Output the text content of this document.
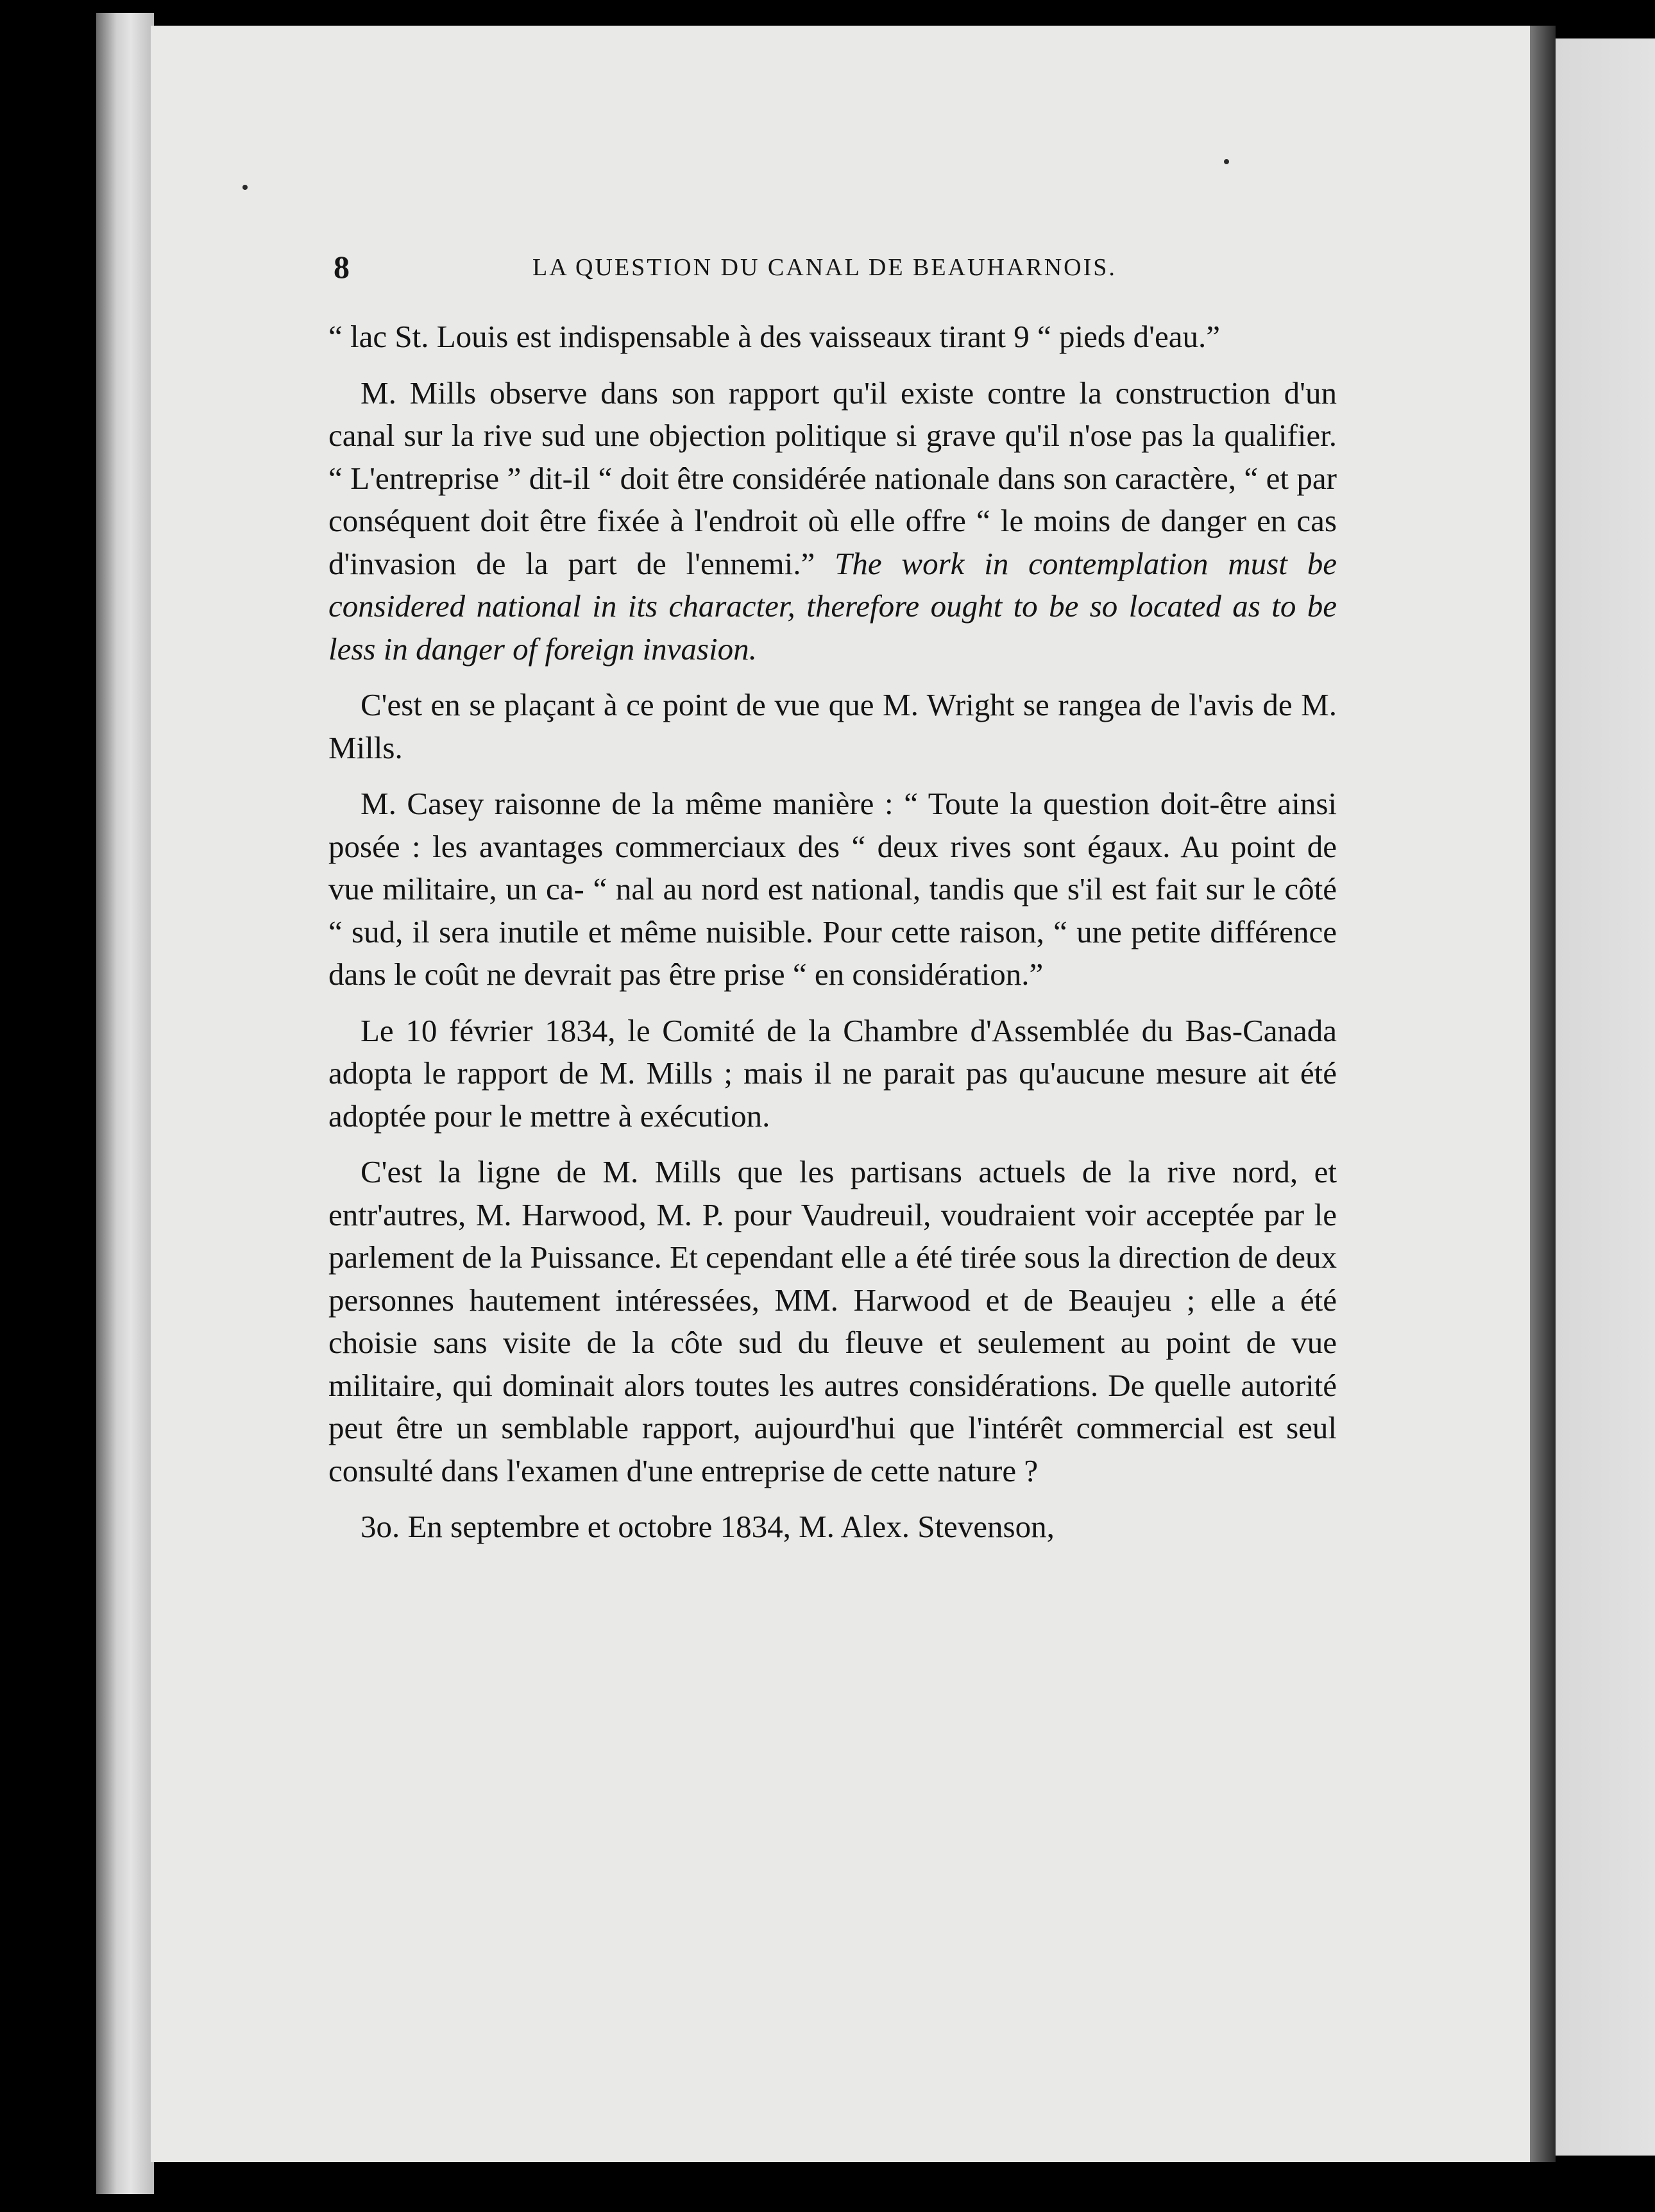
8	LA QUESTION DU CANAL DE BEAUHARNOIS.

“ lac St. Louis est indispensable à des vaisseaux tirant 9 “ pieds d'eau.”

M. Mills observe dans son rapport qu'il existe contre la construction d'un canal sur la rive sud une objection politique si grave qu'il n'ose pas la qualifier. “ L'entreprise ” dit-il “ doit être considérée nationale dans son caractère, “ et par conséquent doit être fixée à l'endroit où elle offre “ le moins de danger en cas d'invasion de la part de l'ennemi.” The work in contemplation must be considered national in its character, therefore ought to be so located as to be less in danger of foreign invasion.

C'est en se plaçant à ce point de vue que M. Wright se rangea de l'avis de M. Mills.

M. Casey raisonne de la même manière : “ Toute la question doit-être ainsi posée : les avantages commerciaux des “ deux rives sont égaux. Au point de vue militaire, un ca- “ nal au nord est national, tandis que s'il est fait sur le côté “ sud, il sera inutile et même nuisible. Pour cette raison, “ une petite différence dans le coût ne devrait pas être prise “ en considération.”

Le 10 février 1834, le Comité de la Chambre d'Assemblée du Bas-Canada adopta le rapport de M. Mills ; mais il ne parait pas qu'aucune mesure ait été adoptée pour le mettre à exécution.

C'est la ligne de M. Mills que les partisans actuels de la rive nord, et entr'autres, M. Harwood, M. P. pour Vaudreuil, voudraient voir acceptée par le parlement de la Puissance. Et cependant elle a été tirée sous la direction de deux personnes hautement intéressées, MM. Harwood et de Beaujeu ; elle a été choisie sans visite de la côte sud du fleuve et seulement au point de vue militaire, qui dominait alors toutes les autres considérations. De quelle autorité peut être un semblable rapport, aujourd'hui que l'intérêt commercial est seul consulté dans l'examen d'une entreprise de cette nature ?

3o. En septembre et octobre 1834, M. Alex. Stevenson,
